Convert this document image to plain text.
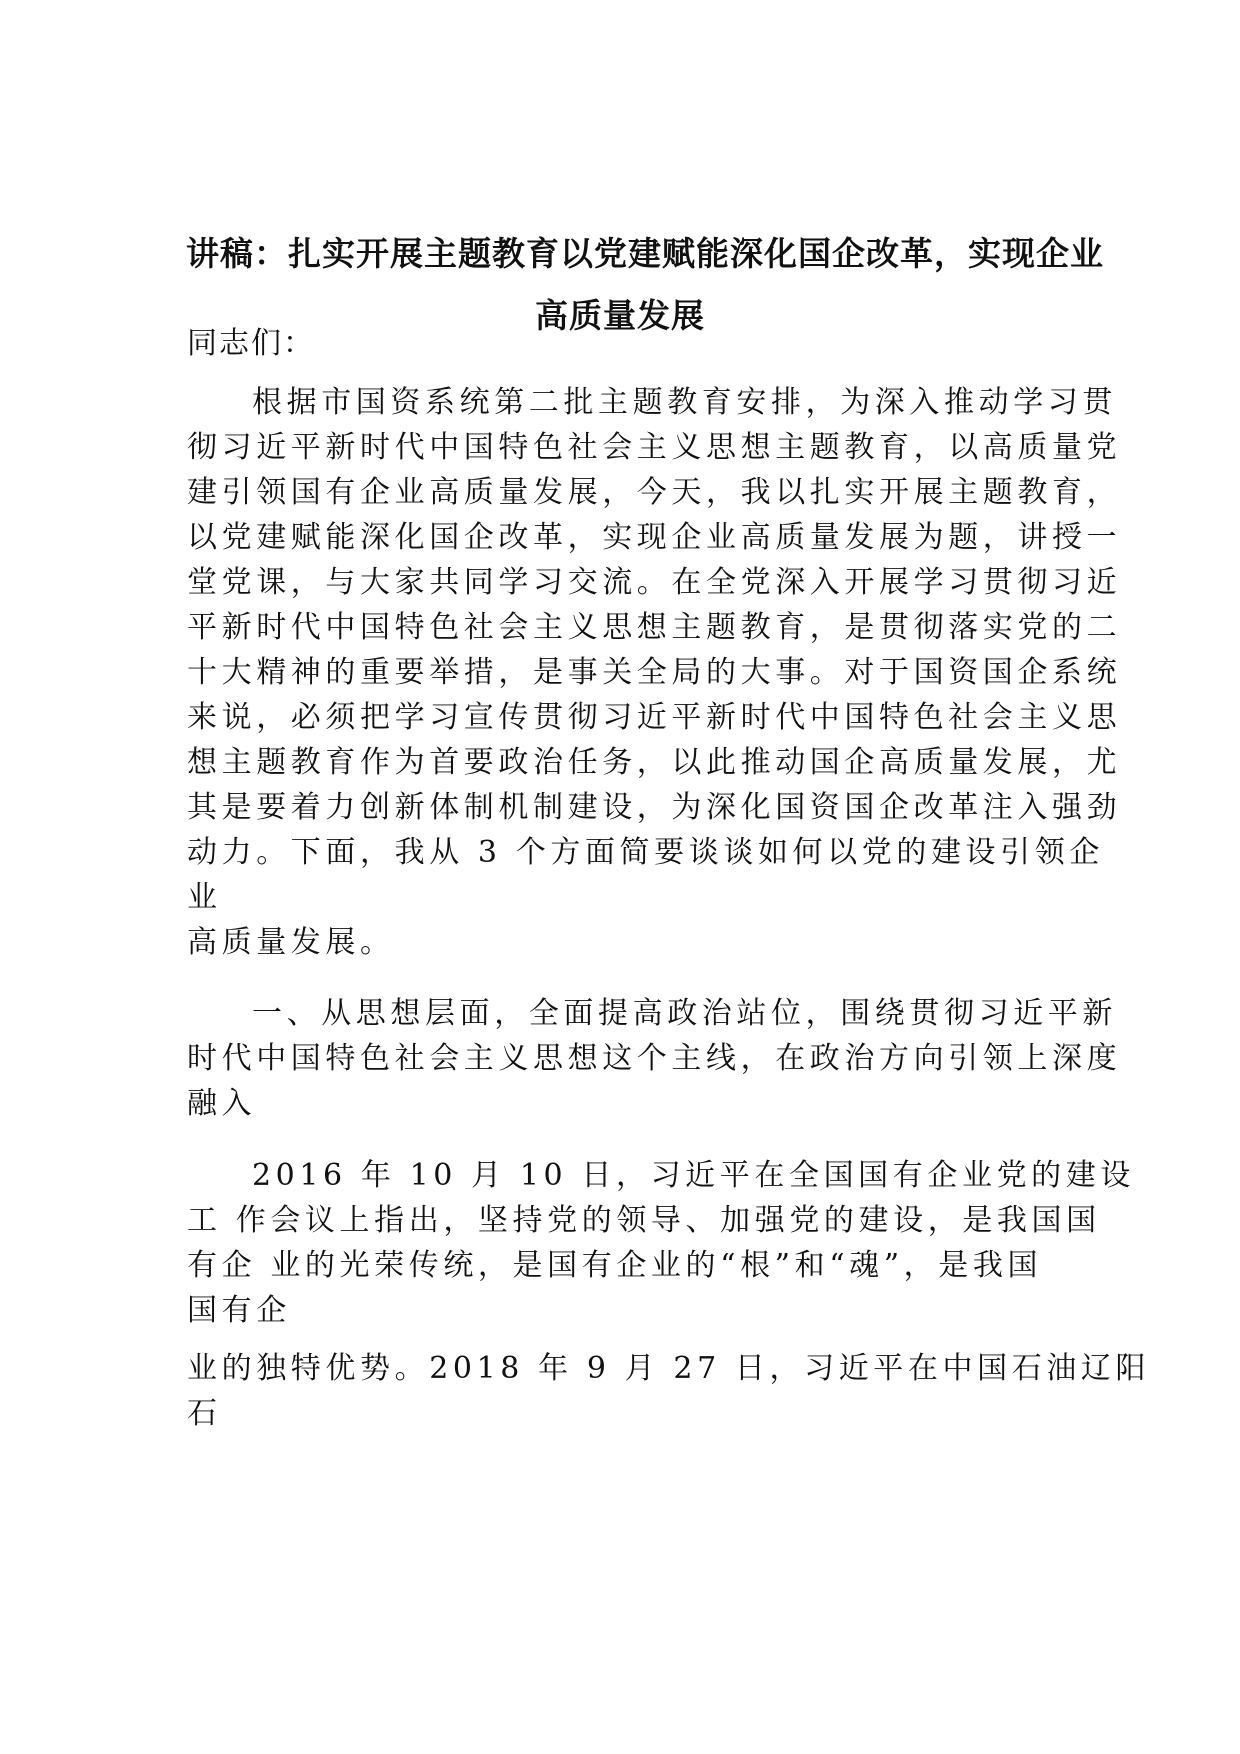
讲稿：扎实开展主题教育以党建赋能深化国企改革，实现企业
高质量发展
同志们：
根据市国资系统第二批主题教育安排，为深入推动学习贯
彻习近平新时代中国特色社会主义思想主题教育，以高质量党
建引领国有企业高质量发展，今天，我以扎实开展主题教育，
以党建赋能深化国企改革，实现企业高质量发展为题，讲授一
堂党课，与大家共同学习交流。在全党深入开展学习贯彻习近
平新时代中国特色社会主义思想主题教育，是贯彻落实党的二
十大精神的重要举措，是事关全局的大事。对于国资国企系统
来说，必须把学习宣传贯彻习近平新时代中国特色社会主义思
想主题教育作为首要政治任务，以此推动国企高质量发展，尤
其是要着力创新体制机制建设，为深化国资国企改革注入强劲
动力。下面，我从 3 个方面简要谈谈如何以党的建设引领企
业
高质量发展。
一、从思想层面，全面提高政治站位，围绕贯彻习近平新
时代中国特色社会主义思想这个主线，在政治方向引领上深度
融入
2016 年 10 月 10 日，习近平在全国国有企业党的建设
工 作会议上指出，坚持党的领导、加强党的建设，是我国国
有企 业的光荣传统，是国有企业的“根”和“魂”，是我国
国有企
业的独特优势。2018 年 9 月 27 日，习近平在中国石油辽阳
石
